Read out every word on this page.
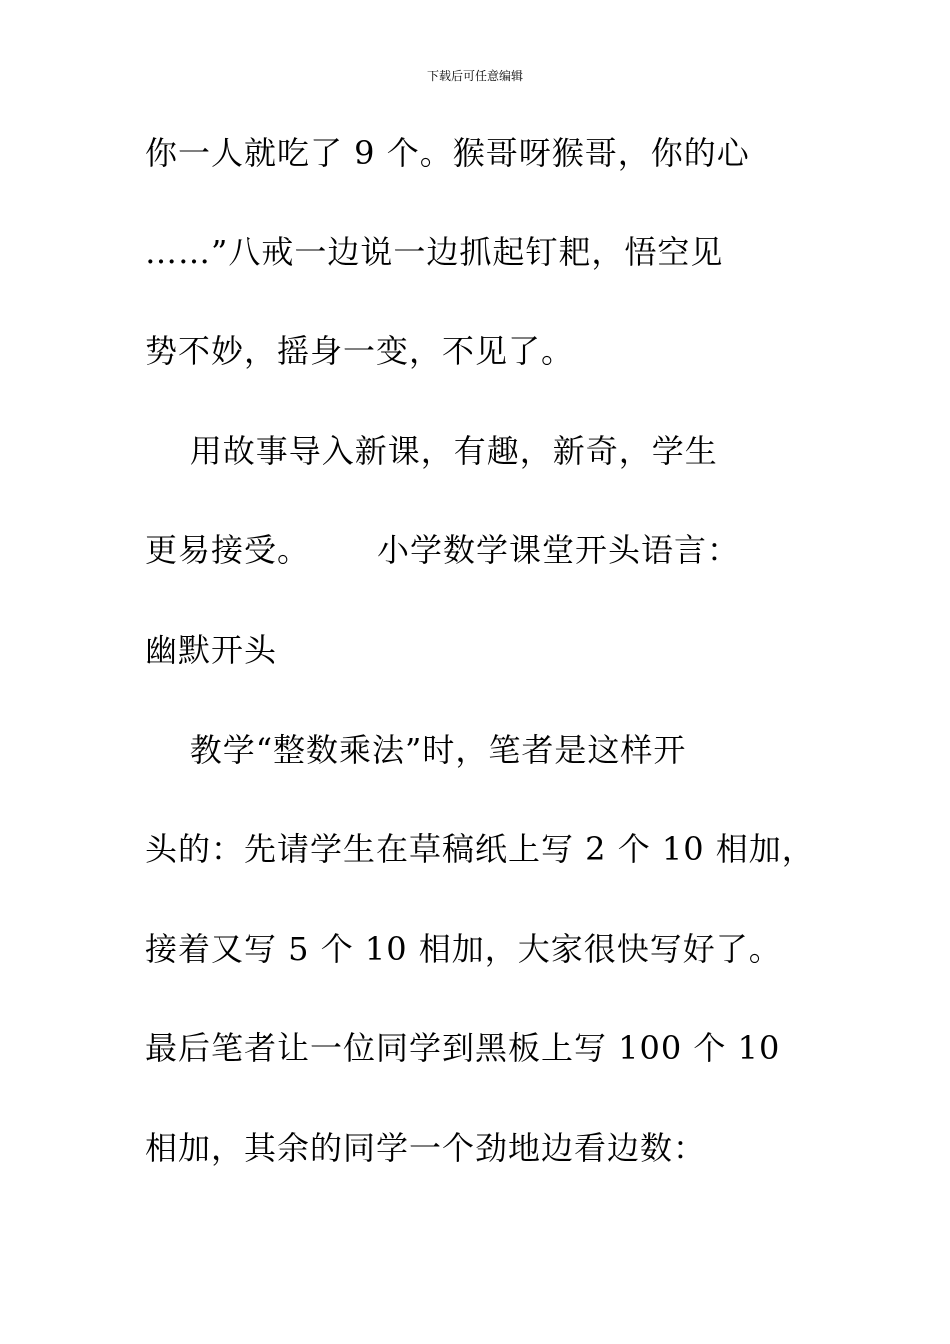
下载后可任意编辑
你一人就吃了 9 个。猴哥呀猴哥，你的心
……”八戒一边说一边抓起钉耙，悟空见
势不妙，摇身一变，不见了。
用故事导入新课，有趣，新奇，学生
更易接受。      小学数学课堂开头语言：
幽默开头
教学“整数乘法”时，笔者是这样开
头的：先请学生在草稿纸上写 2 个 10 相加，
接着又写 5 个 10 相加，大家很快写好了。
最后笔者让一位同学到黑板上写 100 个 10
相加，其余的同学一个劲地边看边数：
